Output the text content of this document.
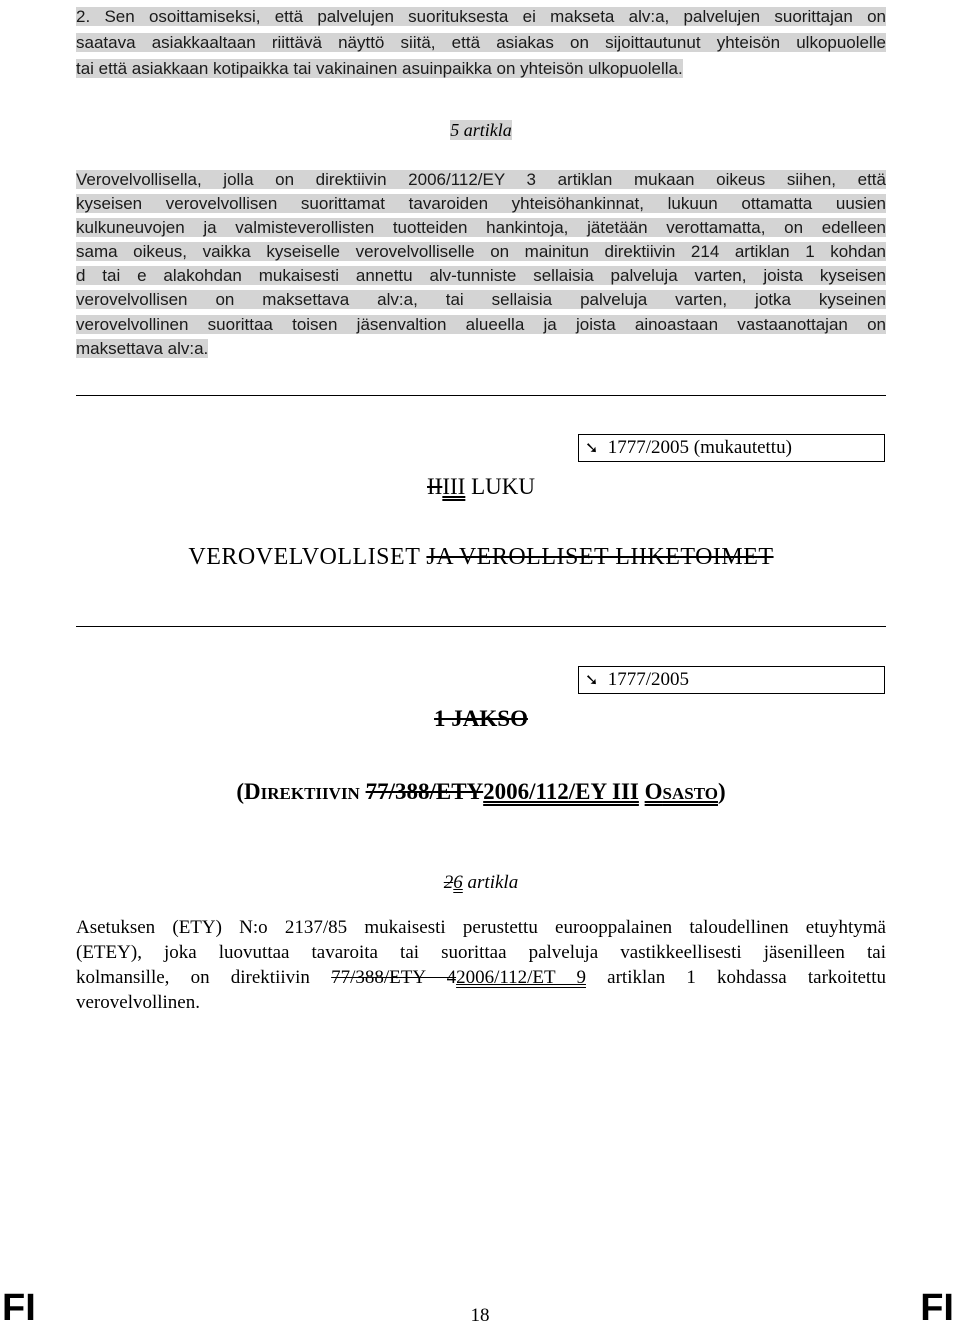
2. Sen osoittamiseksi, että palvelujen suorituksesta ei makseta alv:a, palvelujen suorittajan on
saatava asiakkaaltaan riittävä näyttö siitä, että asiakas on sijoittautunut yhteisön ulkopuolelle
tai että asiakkaan kotipaikka tai vakinainen asuinpaikka on yhteisön ulkopuolella.
5 artikla
Verovelvollisella, jolla on direktiivin 2006/112/EY 3 artiklan mukaan oikeus siihen, että
kyseisen verovelvollisen suorittamat tavaroiden yhteisöhankinnat, lukuun ottamatta uusien
kulkuneuvojen ja valmisteverollisten tuotteiden hankintoja, jätetään verottamatta, on edelleen
sama oikeus, vaikka kyseiselle verovelvolliselle on mainitun direktiivin 214 artiklan 1 kohdan
d tai e alakohdan mukaisesti annettu alv-tunniste sellaisia palveluja varten, joista kyseisen
verovelvollisen on maksettava alv:a, tai sellaisia palveluja varten, jotka kyseinen
verovelvollinen suorittaa toisen jäsenvaltion alueella ja joista ainoastaan vastaanottajan on
maksettava alv:a.
➘ 1777/2005 (mukautettu)
IIIII LUKU
VEROVELVOLLISET JA VEROLLISET LIIKETOIMET
➘ 1777/2005
1 JAKSO
(DIREKTIIVIN 77/388/ETY2006/112/EY III OSASTO)
26 artikla
Asetuksen (ETY) N:o 2137/85 mukaisesti perustettu eurooppalainen taloudellinen etuyhtymä
(ETEY), joka luovuttaa tavaroita tai suorittaa palveluja vastikkeellisesti jäsenilleen tai
kolmansille, on direktiivin 77/388/ETY 42006/112/ET 9 artiklan 1 kohdassa tarkoitettu
verovelvollinen.
FI	18	FI
